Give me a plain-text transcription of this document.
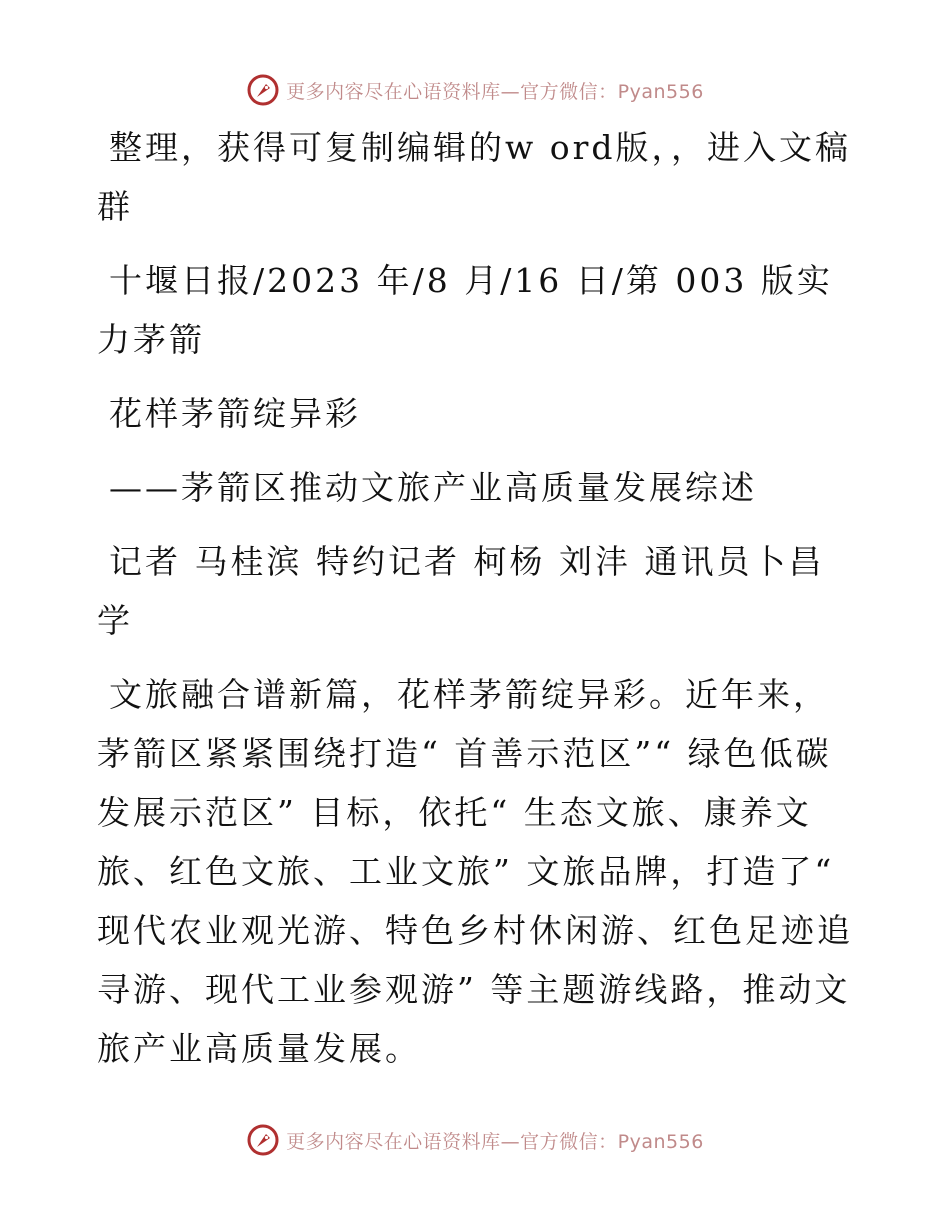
更多内容尽在心语资料库—官方微信：Pyan556

整理，获得可复制编辑的w ord版，，进入文稿群

十堰日报/2023 年/8 月/16 日/第 003 版实力茅箭

花样茅箭绽异彩

——茅箭区推动文旅产业高质量发展综述

记者 马桂滨 特约记者 柯杨 刘沣 通讯员卜昌学

文旅融合谱新篇，花样茅箭绽异彩。近年来，茅箭区紧紧围绕打造“ 首善示范区”“ 绿色低碳发展示范区” 目标，依托“ 生态文旅、康养文旅、红色文旅、工业文旅” 文旅品牌，打造了“ 现代农业观光游、特色乡村休闲游、红色足迹追寻游、现代工业参观游” 等主题游线路，推动文旅产业高质量发展。

更多内容尽在心语资料库—官方微信：Pyan556
